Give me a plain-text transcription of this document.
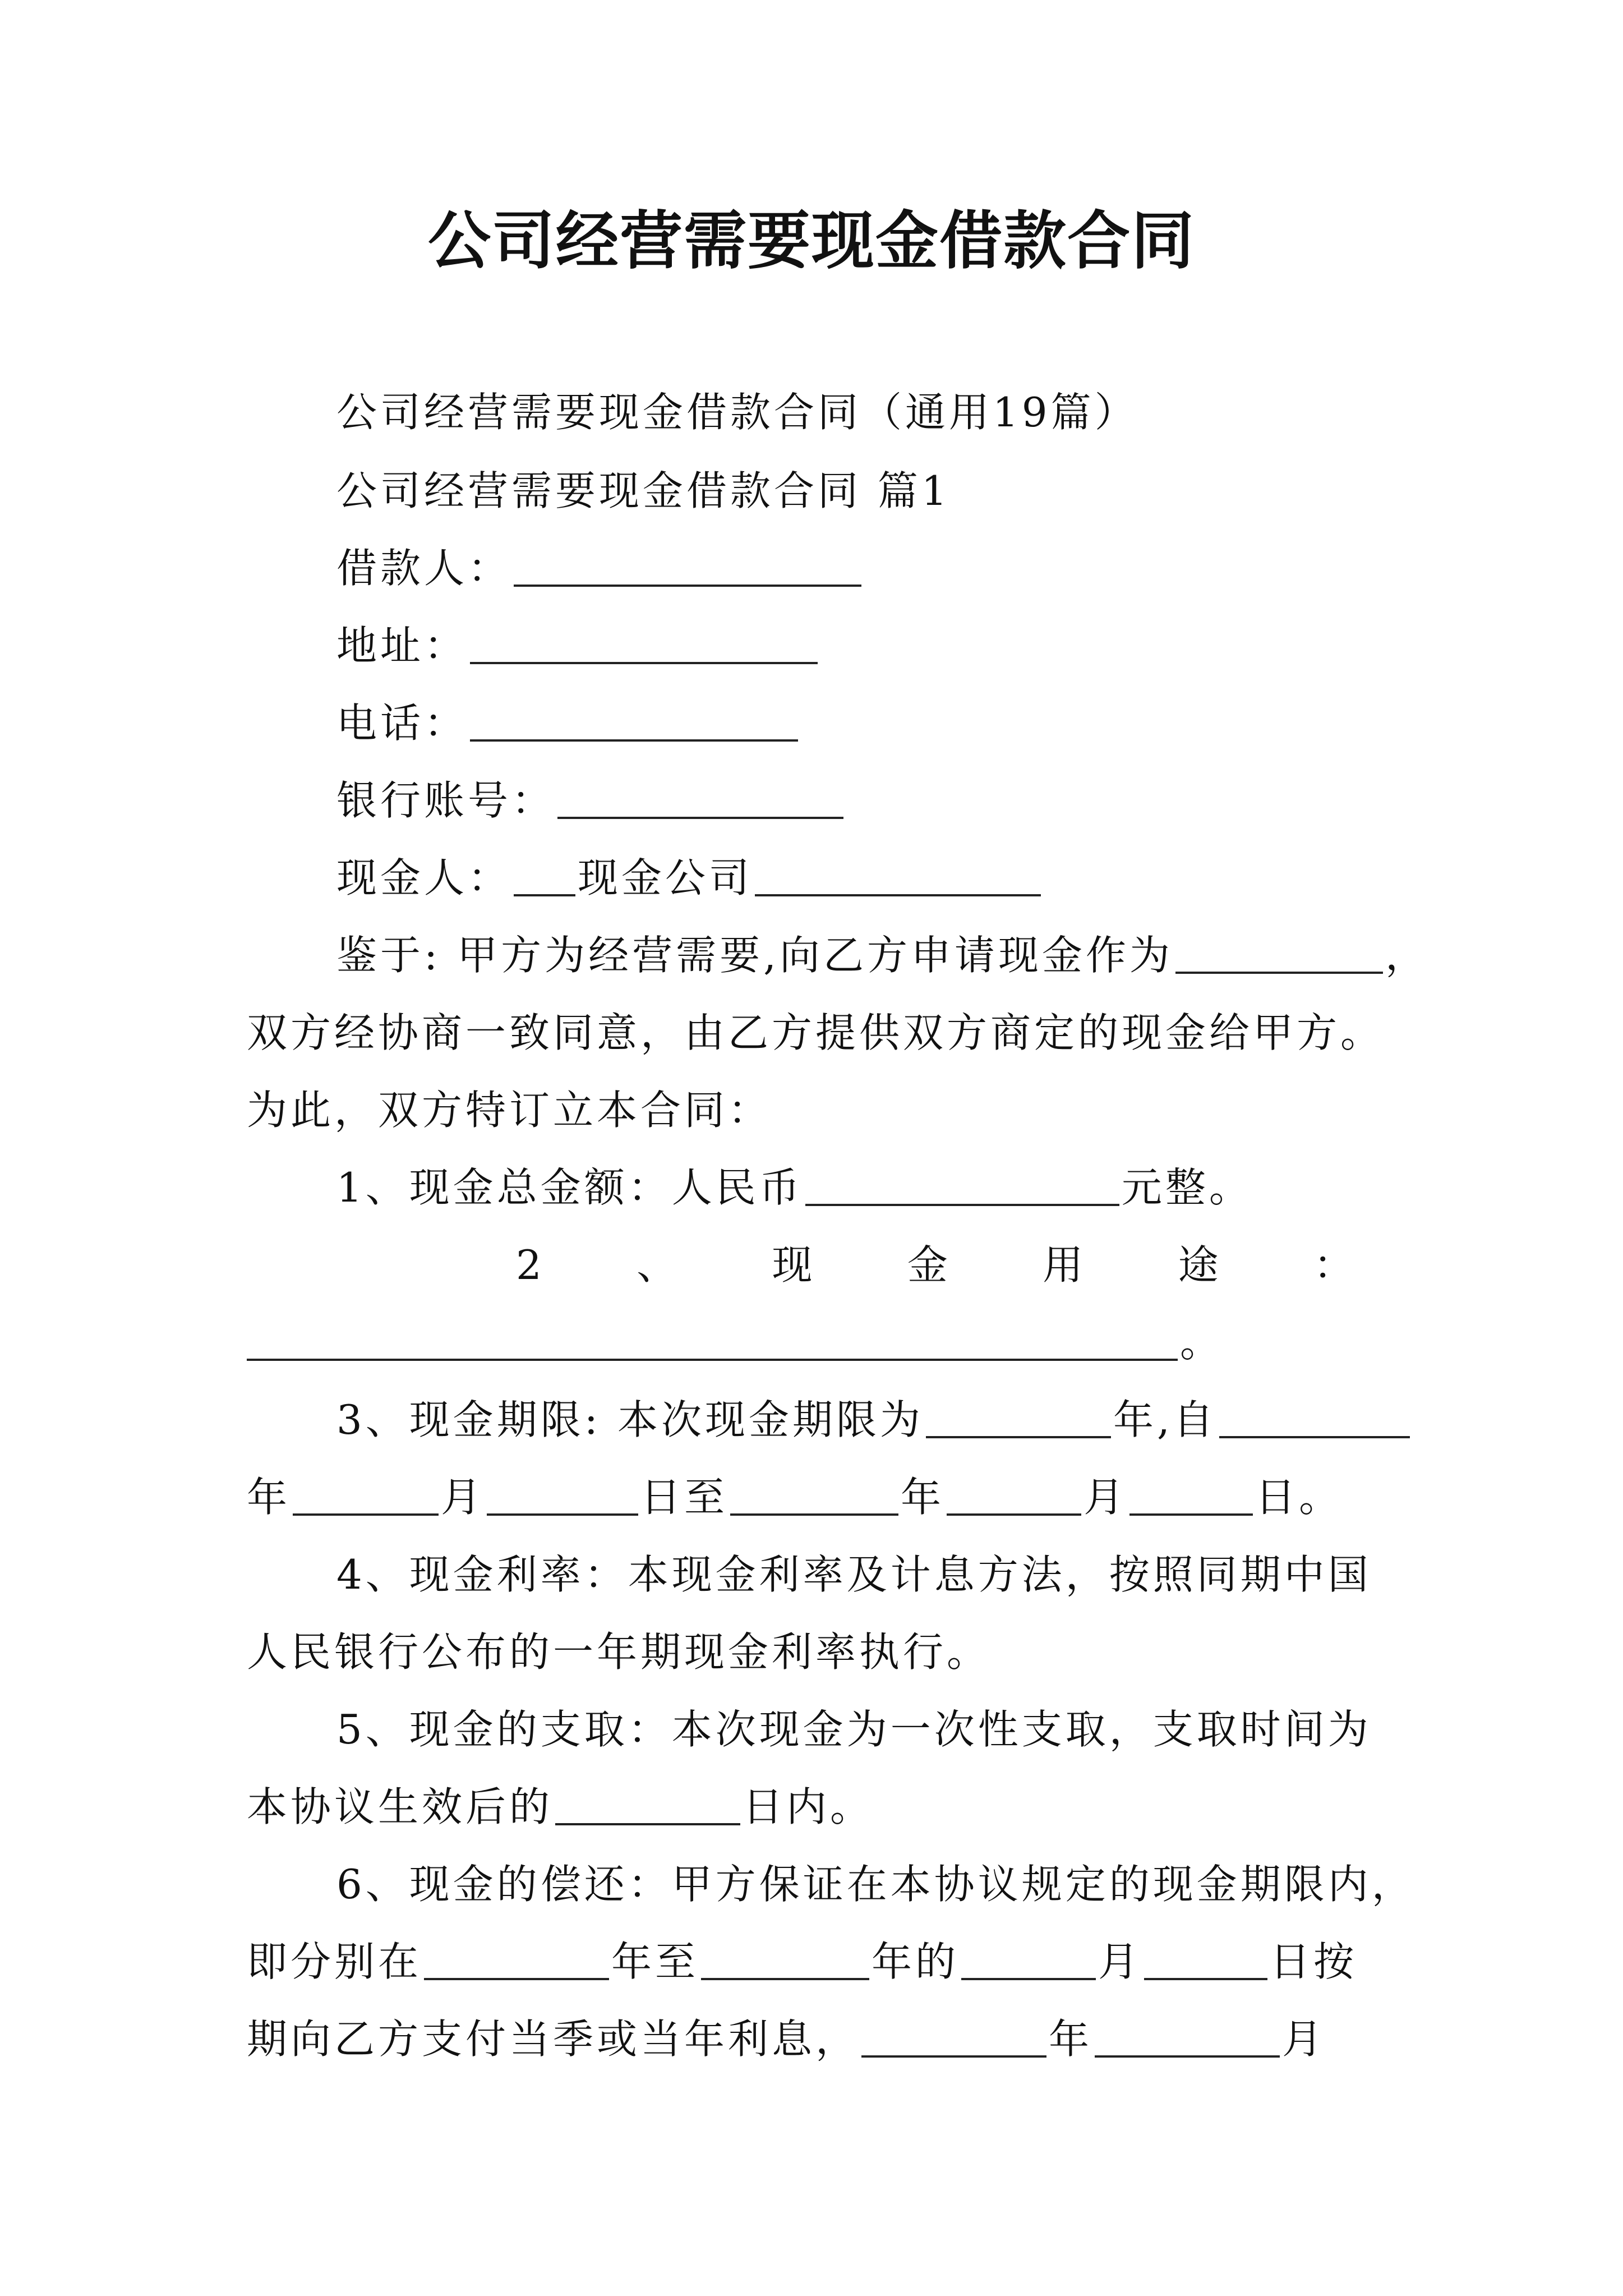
公司经营需要现金借款合同
公司经营需要现金借款合同（通用19篇）
公司经营需要现金借款合同 篇1
借款人：
地址：
电话：
银行账号：
现金人： 现金公司
鉴于: 甲方为经营需要,向乙方申请现金作为	，
双方经协商一致同意，由乙方提供双方商定的现金给甲方。
为此，双方特订立本合同：
1、现金总金额：人民币	元整。
2 、 现 金 用 途 ：
。
3、现金期限: 本次现金期限为	年,自
年	月	日至	年	月	日。
4、现金利率：本现金利率及计息方法，按照同期中国
人民银行公布的一年期现金利率执行。
5、现金的支取：本次现金为一次性支取，支取时间为
本协议生效后的	日内。
6、现金的偿还：甲方保证在本协议规定的现金期限内，
即分别在	年至	年的	月	日按
期向乙方支付当季或当年利息，	年	月
